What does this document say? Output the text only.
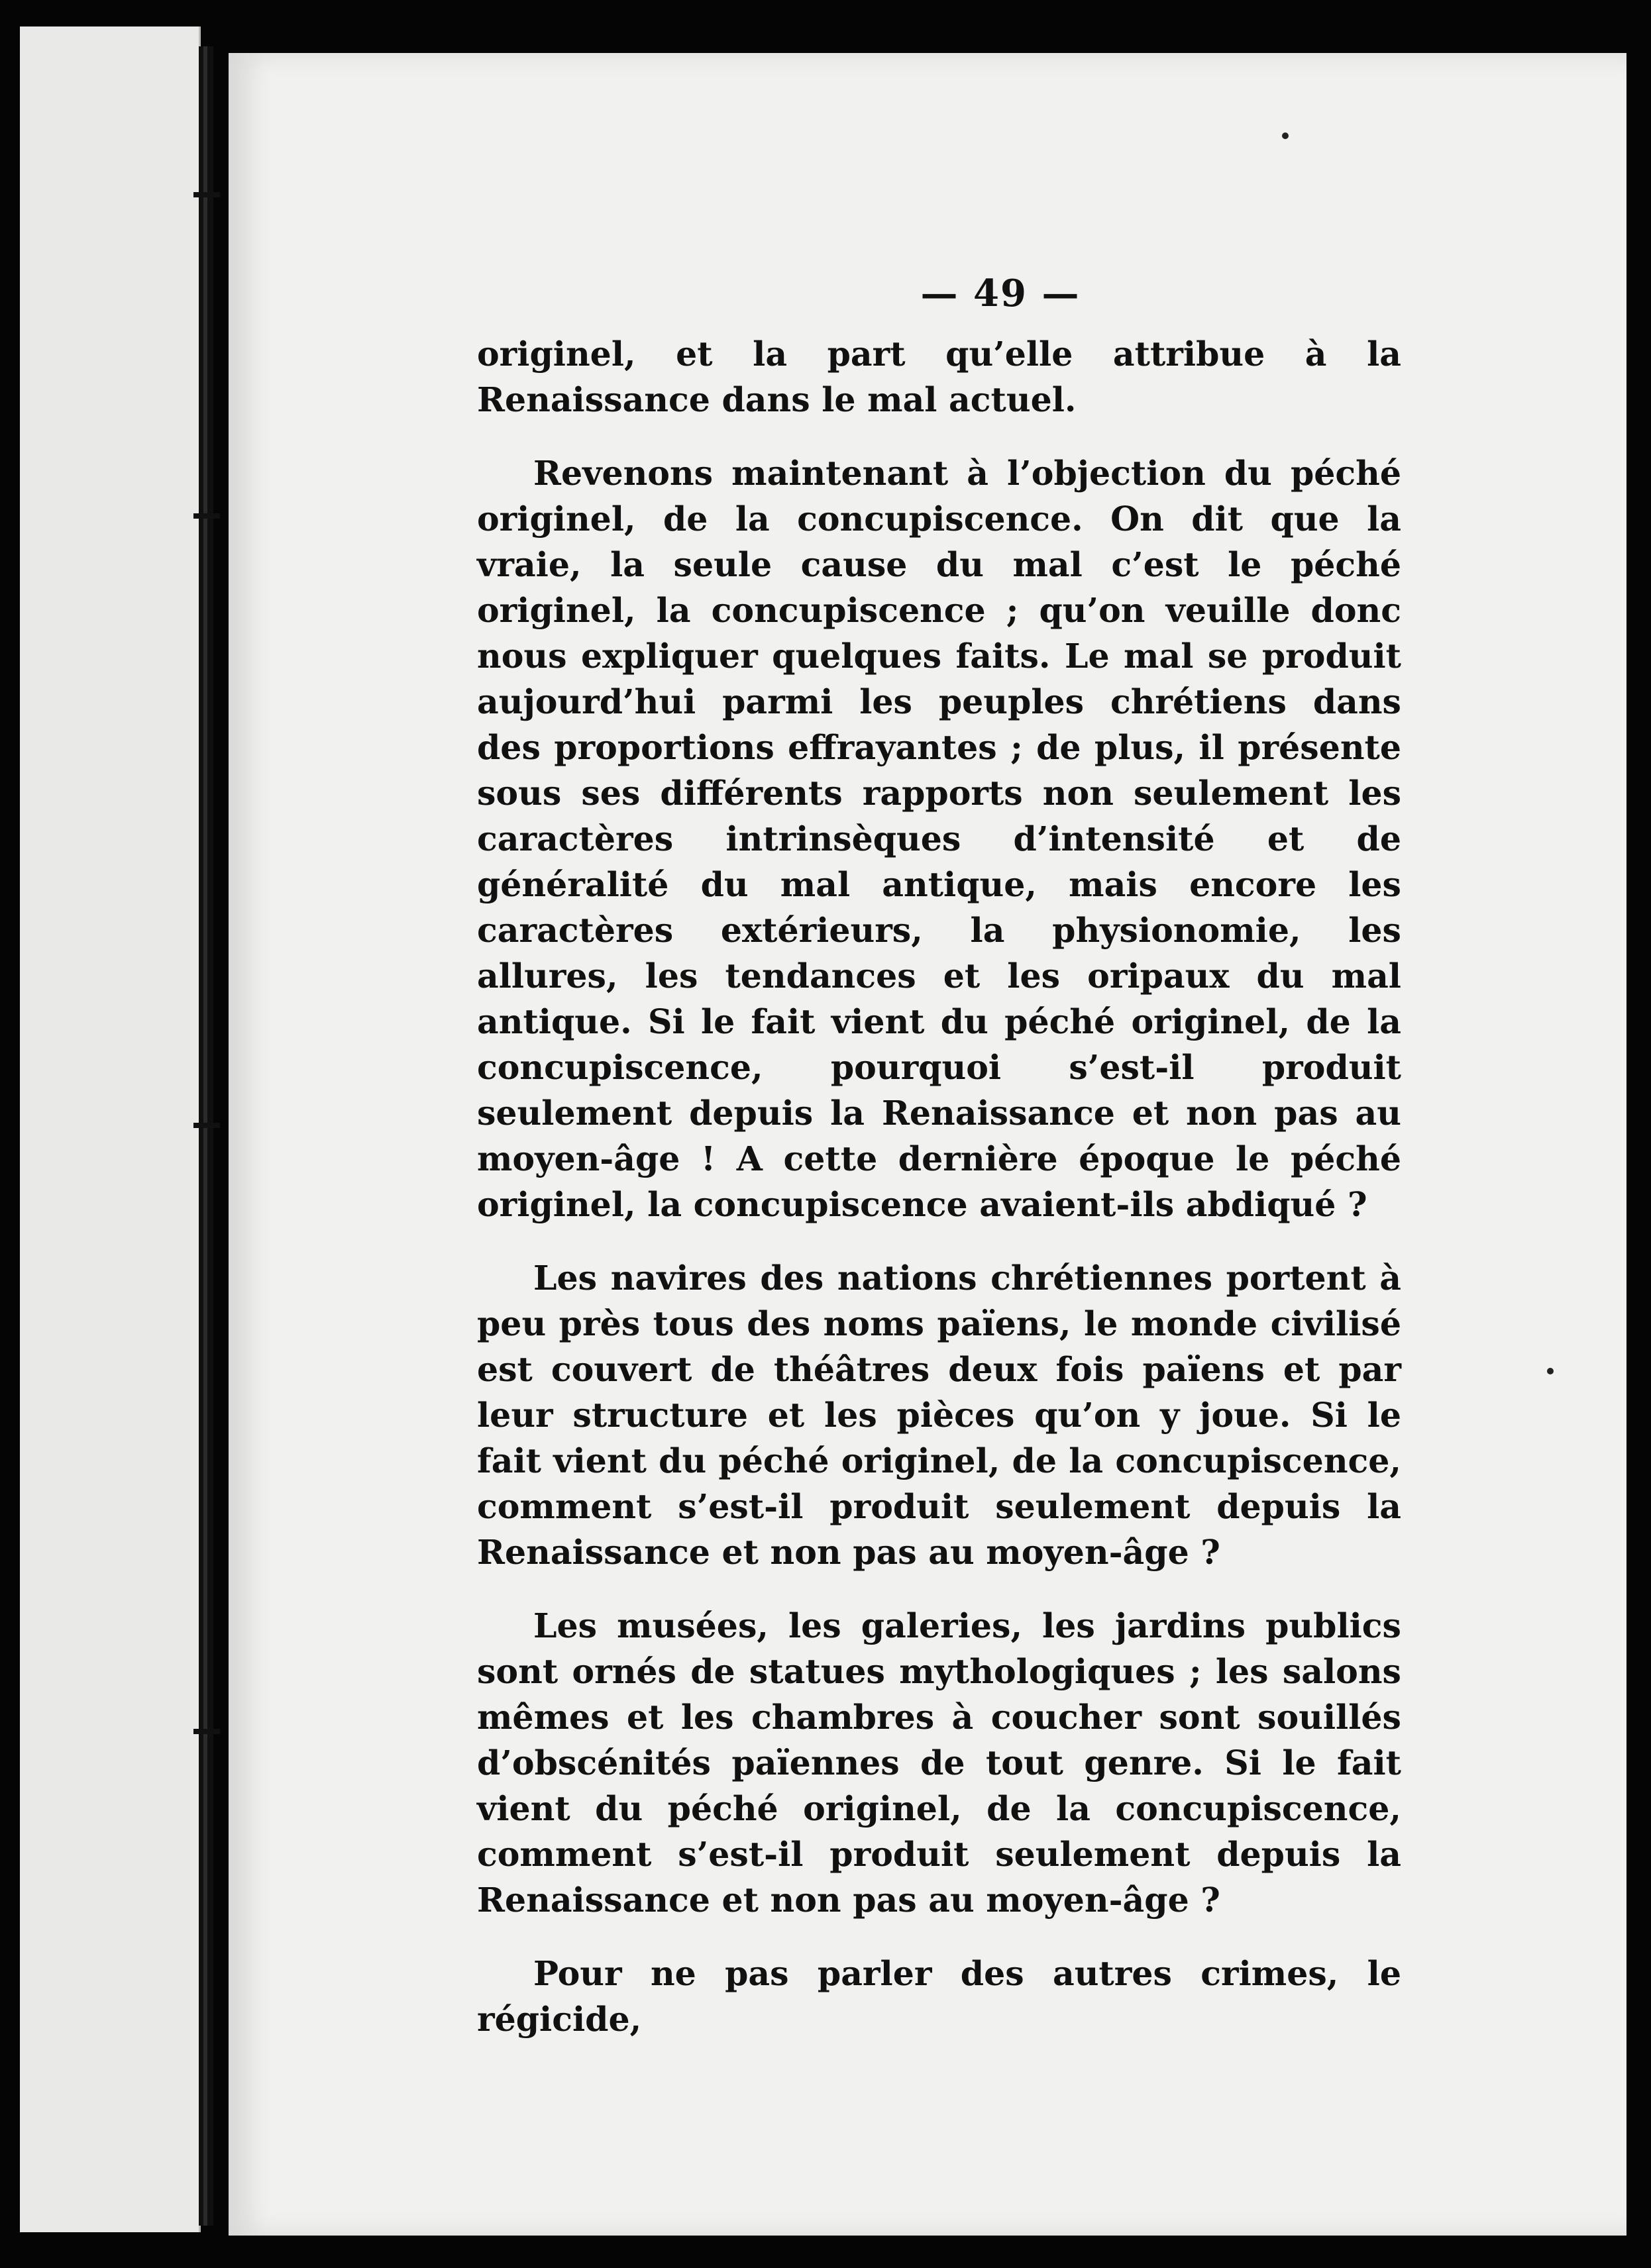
— 49 —

originel, et la part qu’elle attribue à la Renaissance dans le mal actuel.

Revenons maintenant à l’objection du péché originel, de la concupiscence. On dit que la vraie, la seule cause du mal c’est le péché originel, la concupiscence ; qu’on veuille donc nous expliquer quelques faits. Le mal se produit aujourd’hui parmi les peuples chrétiens dans des proportions effrayantes ; de plus, il présente sous ses différents rapports non seulement les caractères intrinsèques d’intensité et de généralité du mal antique, mais encore les caractères extérieurs, la physionomie, les allures, les tendances et les oripaux du mal antique. Si le fait vient du péché originel, de la concupiscence, pourquoi s’est-il produit seulement depuis la Renaissance et non pas au moyen-âge ! A cette dernière époque le péché originel, la concupiscence avaient-ils abdiqué ?

Les navires des nations chrétiennes portent à peu près tous des noms païens, le monde civilisé est couvert de théâtres deux fois païens et par leur structure et les pièces qu’on y joue. Si le fait vient du péché originel, de la concupiscence, comment s’est-il produit seulement depuis la Renaissance et non pas au moyen-âge ?

Les musées, les galeries, les jardins publics sont ornés de statues mythologiques ; les salons mêmes et les chambres à coucher sont souillés d’obscénités païennes de tout genre. Si le fait vient du péché originel, de la concupiscence, comment s’est-il produit seulement depuis la Renaissance et non pas au moyen-âge ?

Pour ne pas parler des autres crimes, le régicide,
